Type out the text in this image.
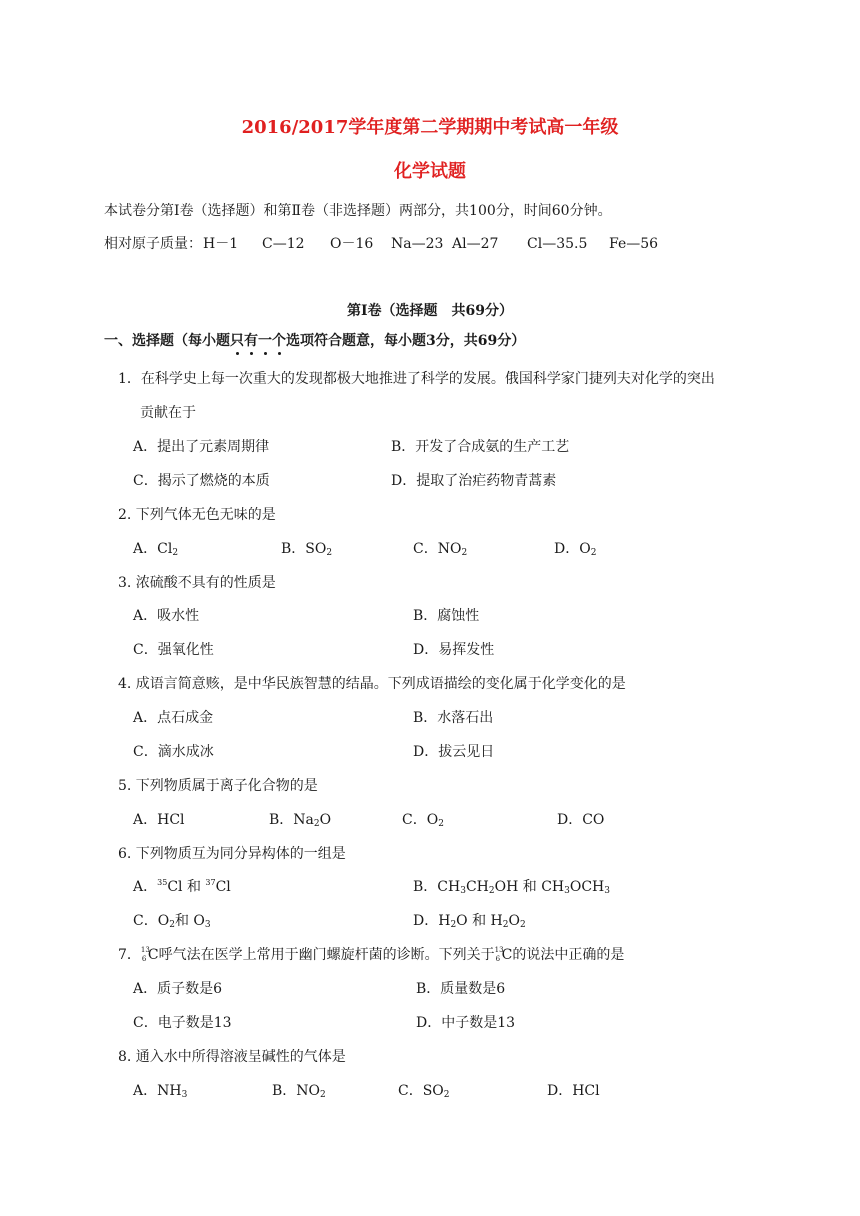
2016/2017学年度第二学期期中考试高一年级
化学试题
本试卷分第Ⅰ卷（选择题）和第Ⅱ卷（非选择题）两部分，共100分，时间60分钟。
相对原子质量： H－1 C—12 O－16 Na—23 Al—27 Cl—35.5 Fe—56
第Ⅰ卷（选择题　共69分）
一、选择题（每小题只有一个选项符合题意，每小题3分，共69分）
1．在科学史上每一次重大的发现都极大地推进了科学的发展。俄国科学家门捷列夫对化学的突出
贡献在于
A．提出了元素周期律	B．开发了合成氨的生产工艺
C．揭示了燃烧的本质	D．提取了治疟药物青蒿素
2. 下列气体无色无味的是
A．$Cl_2$	B．$SO_2$	C．$NO_2$	D．$O_2$
3. 浓硫酸不具有的性质是
A．吸水性	B．腐蚀性
C．强氧化性	D．易挥发性
4. 成语言简意赅，是中华民族智慧的结晶。下列成语描绘的变化属于化学变化的是
A．点石成金	B．水落石出
C．滴水成冰	D．拔云见日
5. 下列物质属于离子化合物的是
A．HCl	B．$Na_2O$	C．$O_2$	D．CO
6. 下列物质互为同分异构体的一组是
A．$^{35}$Cl 和 $^{37}$Cl	B．$CH_3CH_2OH$ 和 $CH_3OCH_3$
C．$O_2$和 $O_3$	D．$H_2O$ 和 $H_2O_2$
7． 13
6 C呼气法在医学上常用于幽门螺旋杆菌的诊断。下列关于 13
6 C的说法中正确的是
A．质子数是6	B．质量数是6
C．电子数是13	D．中子数是13
8. 通入水中所得溶液呈碱性的气体是
A．$NH_3$	B．$NO_2$	C．$SO_2$	D．HCl
